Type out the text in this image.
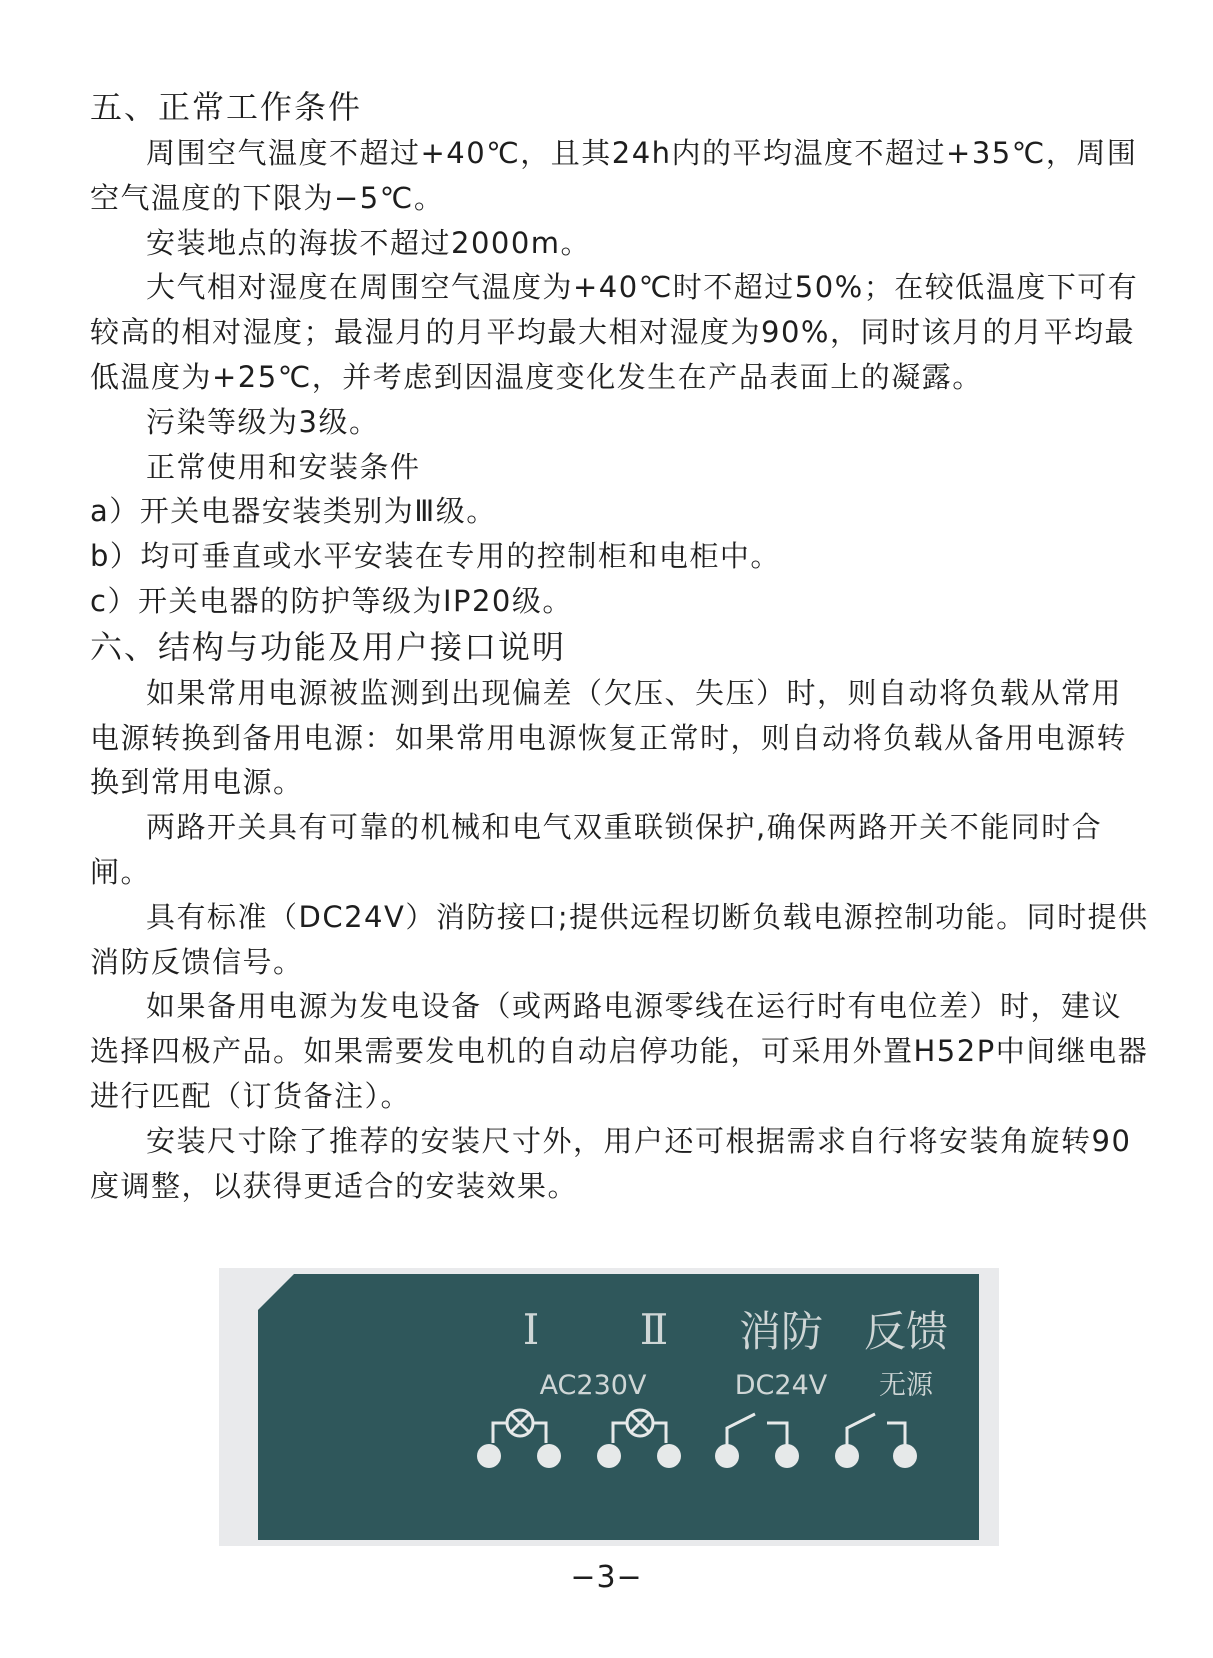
五、正常工作条件

周围空气温度不超过+40℃，且其24h内的平均温度不超过+35℃，周围空气温度的下限为−5℃。

安装地点的海拔不超过2000m。

大气相对湿度在周围空气温度为+40℃时不超过50%；在较低温度下可有较高的相对湿度；最湿月的月平均最大相对湿度为90%，同时该月的月平均最低温度为+25℃，并考虑到因温度变化发生在产品表面上的凝露。

污染等级为3级。

正常使用和安装条件

a）开关电器安装类别为Ⅲ级。

b）均可垂直或水平安装在专用的控制柜和电柜中。

c）开关电器的防护等级为IP20级。

六、结构与功能及用户接口说明

如果常用电源被监测到出现偏差（欠压、失压）时，则自动将负载从常用电源转换到备用电源：如果常用电源恢复正常时，则自动将负载从备用电源转换到常用电源。

两路开关具有可靠的机械和电气双重联锁保护,确保两路开关不能同时合闸。

具有标准（DC24V）消防接口;提供远程切断负载电源控制功能。同时提供消防反馈信号。

如果备用电源为发电设备（或两路电源零线在运行时有电位差）时，建议选择四极产品。如果需要发电机的自动启停功能，可采用外置H52P中间继电器进行匹配（订货备注）。

安装尺寸除了推荐的安装尺寸外，用户还可根据需求自行将安装角旋转90度调整，以获得更适合的安装效果。

Ⅰ Ⅱ 消防 反馈
AC230V	DC24V 无源
−3−
